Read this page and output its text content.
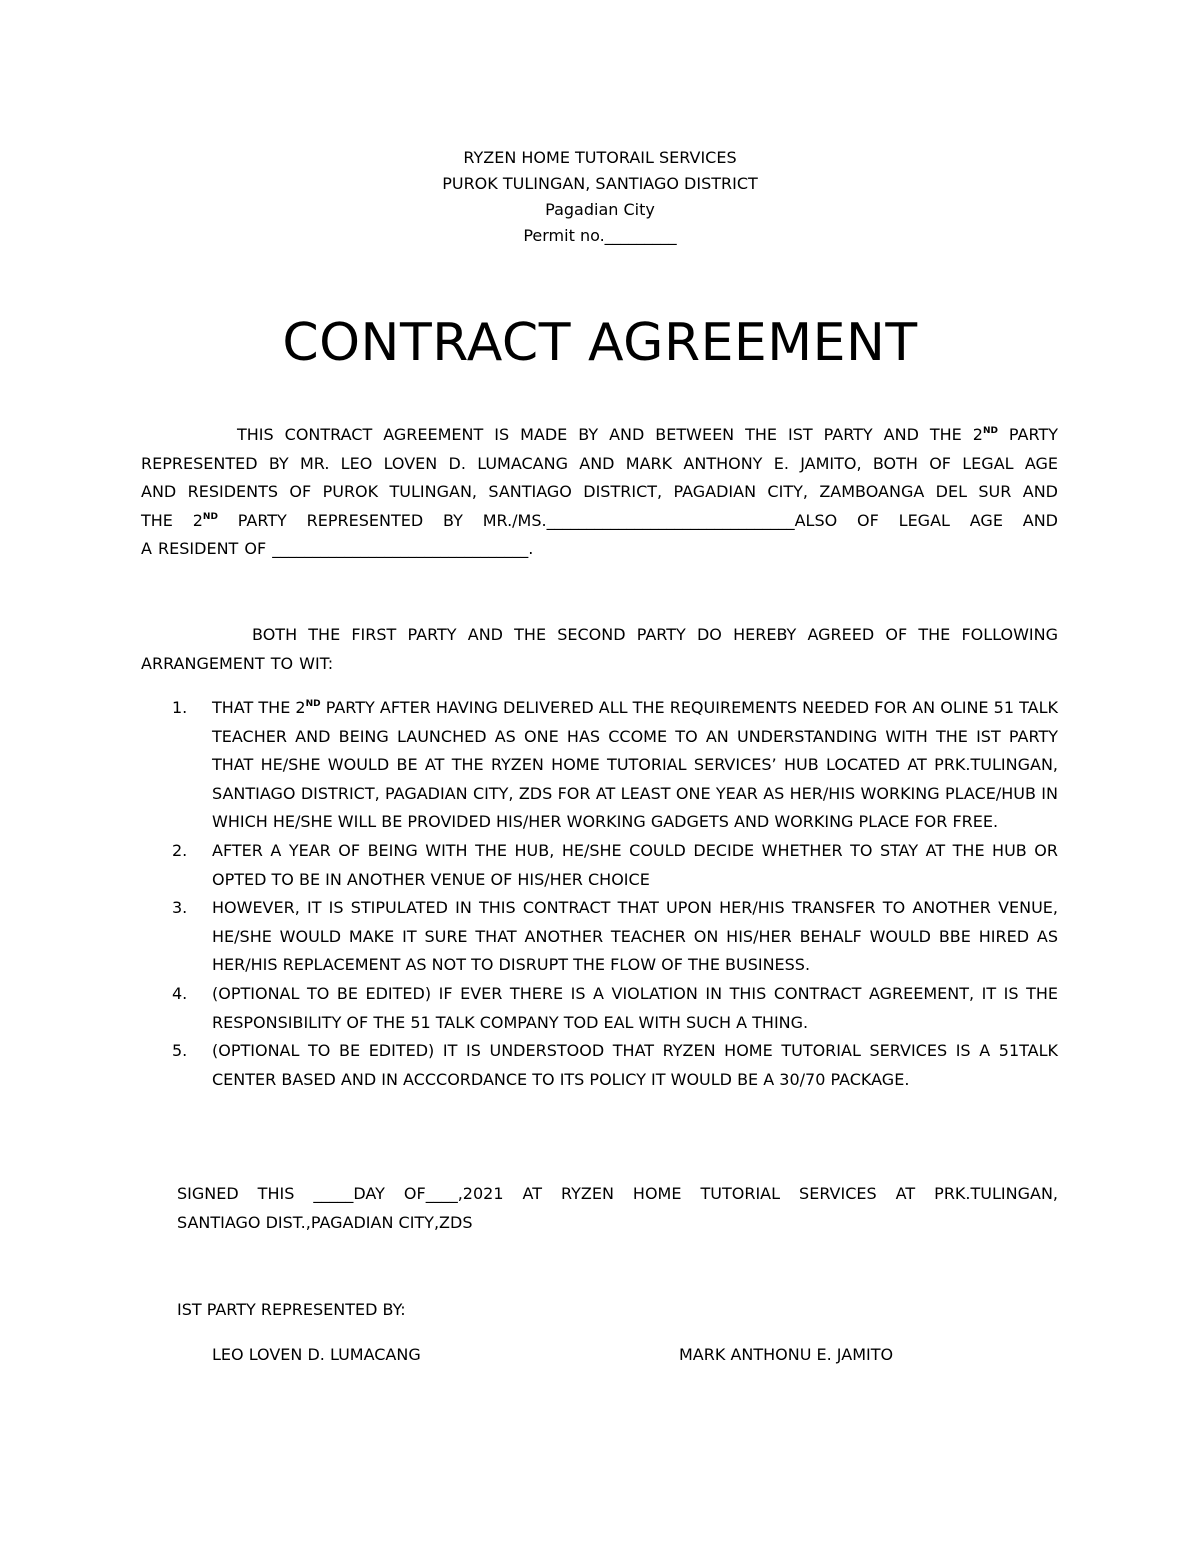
RYZEN HOME TUTORAIL SERVICES
PUROK TULINGAN, SANTIAGO DISTRICT
Pagadian City
Permit no._________
CONTRACT AGREEMENT
THIS CONTRACT AGREEMENT IS MADE BY AND BETWEEN THE IST PARTY AND THE 2ND PARTY
REPRESENTED BY MR. LEO LOVEN D. LUMACANG AND MARK ANTHONY E. JAMITO, BOTH OF LEGAL AGE
AND RESIDENTS OF PUROK TULINGAN, SANTIAGO DISTRICT, PAGADIAN CITY, ZAMBOANGA DEL SUR AND
THE 2ND PARTY REPRESENTED BY MR./MS._______________________________ALSO OF LEGAL AGE AND
A RESIDENT OF ________________________________.
BOTH THE FIRST PARTY AND THE SECOND PARTY DO HEREBY AGREED OF THE FOLLOWING
ARRANGEMENT TO WIT:
1. THAT THE 2ND PARTY AFTER HAVING DELIVERED ALL THE REQUIREMENTS NEEDED FOR AN OLINE 51 TALK TEACHER AND BEING LAUNCHED AS ONE HAS CCOME TO AN UNDERSTANDING WITH THE IST PARTY THAT HE/SHE WOULD BE AT THE RYZEN HOME TUTORIAL SERVICES’ HUB LOCATED AT PRK.TULINGAN, SANTIAGO DISTRICT, PAGADIAN CITY, ZDS FOR AT LEAST ONE YEAR AS HER/HIS WORKING PLACE/HUB IN WHICH HE/SHE WILL BE PROVIDED HIS/HER WORKING GADGETS AND WORKING PLACE FOR FREE.
2. AFTER A YEAR OF BEING WITH THE HUB, HE/SHE COULD DECIDE WHETHER TO STAY AT THE HUB OR OPTED TO BE IN ANOTHER VENUE OF HIS/HER CHOICE
3. HOWEVER, IT IS STIPULATED IN THIS CONTRACT THAT UPON HER/HIS TRANSFER TO ANOTHER VENUE, HE/SHE WOULD MAKE IT SURE THAT ANOTHER TEACHER ON HIS/HER BEHALF WOULD BBE HIRED AS HER/HIS REPLACEMENT AS NOT TO DISRUPT THE FLOW OF THE BUSINESS.
4. (OPTIONAL TO BE EDITED) IF EVER THERE IS A VIOLATION IN THIS CONTRACT AGREEMENT, IT IS THE RESPONSIBILITY OF THE 51 TALK COMPANY TOD EAL WITH SUCH A THING.
5. (OPTIONAL TO BE EDITED) IT IS UNDERSTOOD THAT RYZEN HOME TUTORIAL SERVICES IS A 51TALK CENTER BASED AND IN ACCCORDANCE TO ITS POLICY IT WOULD BE A 30/70 PACKAGE.
SIGNED THIS _____DAY OF____,2021 AT RYZEN HOME TUTORIAL SERVICES AT PRK.TULINGAN,
SANTIAGO DIST.,PAGADIAN CITY,ZDS
IST PARTY REPRESENTED BY:
LEO LOVEN D. LUMACANG	MARK ANTHONU E. JAMITO
